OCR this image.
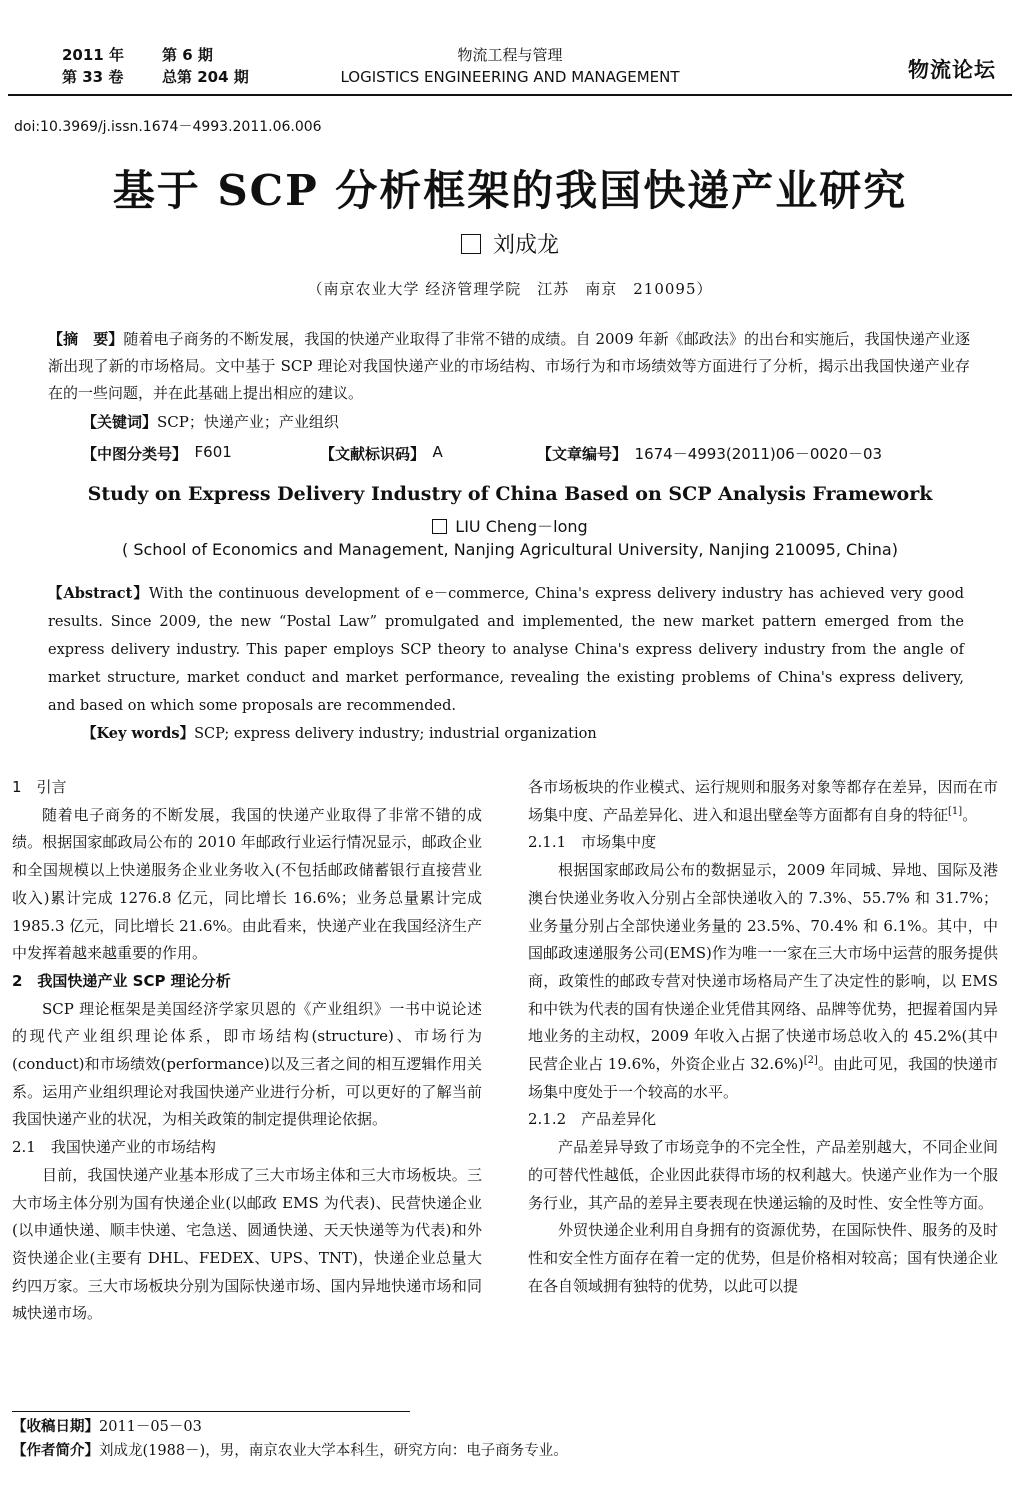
2011 年	第 6 期
第 33 卷	总第 204 期
物流工程与管理
LOGISTICS ENGINEERING AND MANAGEMENT	物流论坛
doi:10.3969/j.issn.1674－4993.2011.06.006
基于 SCP 分析框架的我国快递产业研究
刘成龙
（南京农业大学 经济管理学院　江苏　南京　210095）
【摘　要】随着电子商务的不断发展，我国的快递产业取得了非常不错的成绩。自 2009 年新《邮政法》的出台和实施后，我国快递产业逐渐出现了新的市场格局。文中基于 SCP 理论对我国快递产业的市场结构、市场行为和市场绩效等方面进行了分析，揭示出我国快递产业存在的一些问题，并在此基础上提出相应的建议。
【关键词】SCP；快递产业；产业组织
【中图分类号】　 F601	【文献标识码】　 A	【文章编号】　 1674－4993(2011)06－0020－03
Study on Express Delivery Industry of China Based on SCP Analysis Framework
LIU Cheng－long
( School of Economics and Management, Nanjing Agricultural University, Nanjing 210095, China)
【Abstract】With the continuous development of e－commerce, China's express delivery industry has achieved very good results. Since 2009, the new “Postal Law” promulgated and implemented, the new market pattern emerged from the express delivery industry. This paper employs SCP theory to analyse China's express delivery industry from the angle of market structure, market conduct and market performance, revealing the existing problems of China's express delivery, and based on which some proposals are recommended.
【Key words】SCP; express delivery industry; industrial organization

1　引言

随着电子商务的不断发展，我国的快递产业取得了非常不错的成绩。根据国家邮政局公布的 2010 年邮政行业运行情况显示，邮政企业和全国规模以上快递服务企业业务收入(不包括邮政储蓄银行直接营业收入)累计完成 1276.8 亿元，同比增长 16.6%；业务总量累计完成 1985.3 亿元，同比增长 21.6%。由此看来，快递产业在我国经济生产中发挥着越来越重要的作用。

2　我国快递产业 SCP 理论分析

SCP 理论框架是美国经济学家贝恩的《产业组织》一书中说论述的现代产业组织理论体系，即市场结构(structure)、市场行为(conduct)和市场绩效(performance)以及三者之间的相互逻辑作用关系。运用产业组织理论对我国快递产业进行分析，可以更好的了解当前我国快递产业的状况，为相关政策的制定提供理论依据。

2.1　我国快递产业的市场结构

目前，我国快递产业基本形成了三大市场主体和三大市场板块。三大市场主体分别为国有快递企业(以邮政 EMS 为代表)、民营快递企业(以申通快递、顺丰快递、宅急送、圆通快递、天天快递等为代表)和外资快递企业(主要有 DHL、FEDEX、UPS、TNT)，快递企业总量大约四万家。三大市场板块分别为国际快递市场、国内异地快递市场和同城快递市场。

各市场板块的作业模式、运行规则和服务对象等都存在差异，因而在市场集中度、产品差异化、进入和退出壁垒等方面都有自身的特征[1]。

2.1.1　市场集中度

根据国家邮政局公布的数据显示，2009 年同城、异地、国际及港澳台快递业务收入分别占全部快递收入的 7.3%、55.7% 和 31.7%；业务量分别占全部快递业务量的 23.5%、70.4% 和 6.1%。其中，中国邮政速递服务公司(EMS)作为唯一一家在三大市场中运营的服务提供商，政策性的邮政专营对快递市场格局产生了决定性的影响，以 EMS 和中铁为代表的国有快递企业凭借其网络、品牌等优势，把握着国内异地业务的主动权，2009 年收入占据了快递市场总收入的 45.2%(其中民营企业占 19.6%，外资企业占 32.6%)[2]。由此可见，我国的快递市场集中度处于一个较高的水平。

2.1.2　产品差异化

产品差异导致了市场竞争的不完全性，产品差别越大，不同企业间的可替代性越低，企业因此获得市场的权利越大。快递产业作为一个服务行业，其产品的差异主要表现在快递运输的及时性、安全性等方面。

外贸快递企业利用自身拥有的资源优势，在国际快件、服务的及时性和安全性方面存在着一定的优势，但是价格相对较高；国有快递企业在各自领域拥有独特的优势，以此可以提

【收稿日期】2011－05－03
【作者简介】刘成龙(1988－)，男，南京农业大学本科生，研究方向：电子商务专业。
